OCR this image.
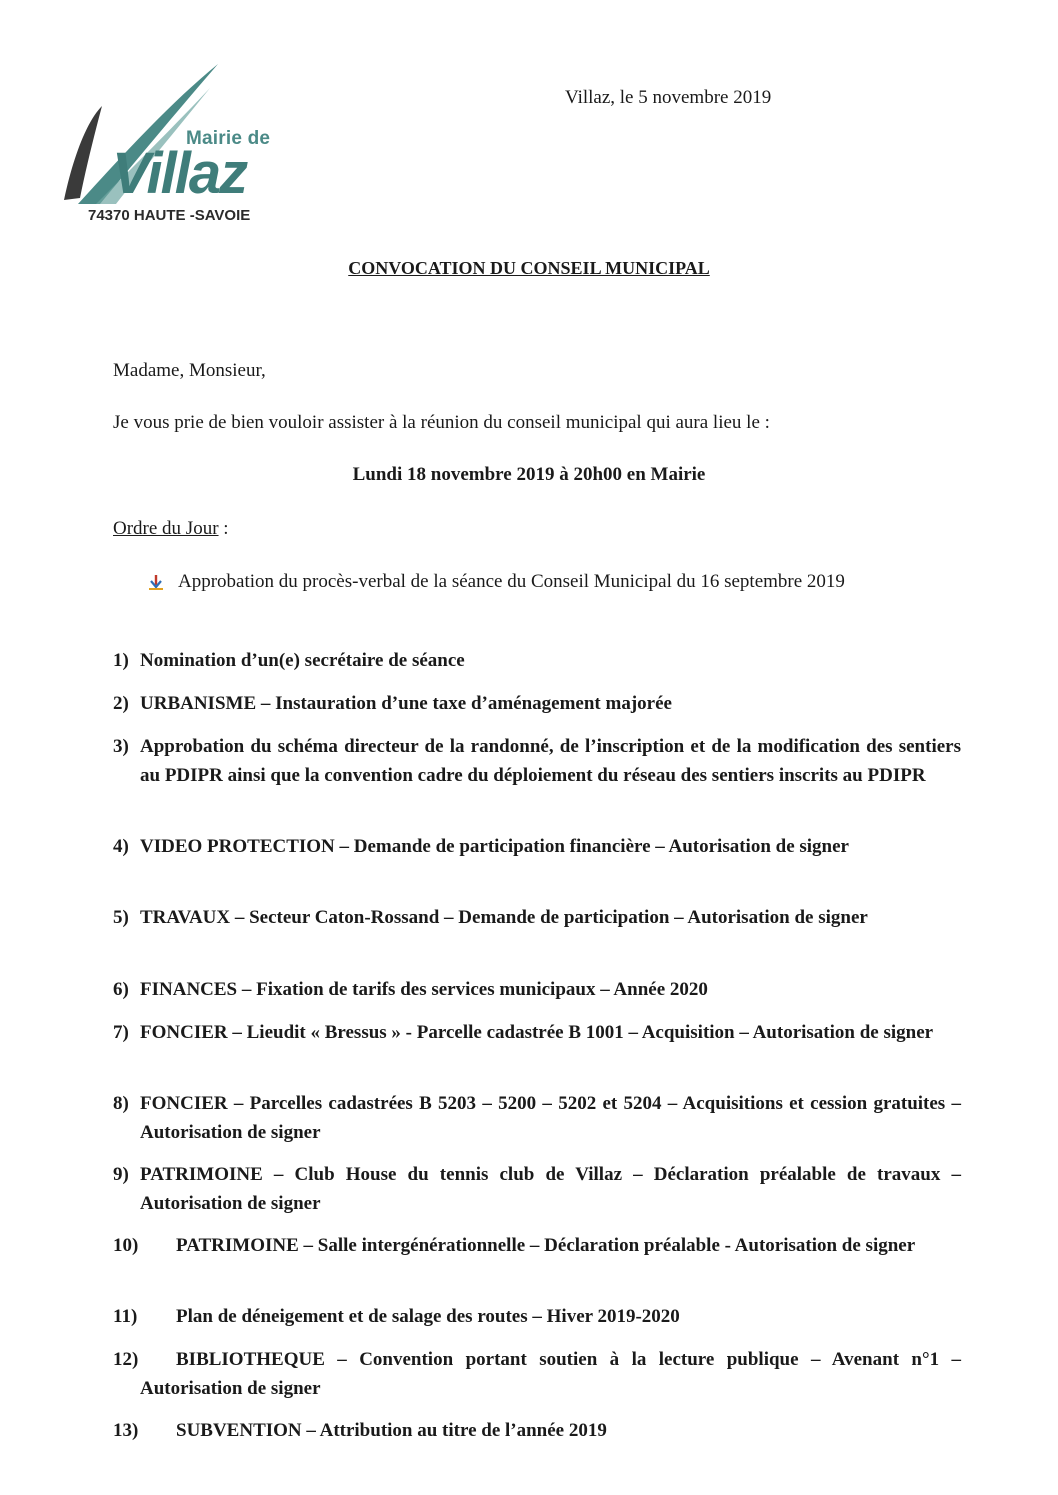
Mairie de
Villaz
74370 HAUTE -SAVOIE
Villaz, le 5 novembre 2019
CONVOCATION DU CONSEIL MUNICIPAL
Madame, Monsieur,
Je vous prie de bien vouloir assister à la réunion du conseil municipal qui aura lieu le :
Lundi 18 novembre 2019 à 20h00 en Mairie
Ordre du Jour :
Approbation du procès-verbal de la séance du Conseil Municipal du 16 septembre 2019
1) Nomination d’un(e) secrétaire de séance
2) URBANISME – Instauration d’une taxe d’aménagement majorée
3) Approbation du schéma directeur de la randonné, de l’inscription et de la modification des sentiers au PDIPR ainsi que la convention cadre du déploiement du réseau des sentiers inscrits au PDIPR
4) VIDEO PROTECTION – Demande de participation financière – Autorisation de signer
5) TRAVAUX – Secteur Caton-Rossand – Demande de participation – Autorisation de signer
6) FINANCES – Fixation de tarifs des services municipaux – Année 2020
7) FONCIER – Lieudit « Bressus » - Parcelle cadastrée B 1001 – Acquisition – Autorisation de signer
8) FONCIER – Parcelles cadastrées B 5203 – 5200 – 5202 et 5204 – Acquisitions et cession gratuites – Autorisation de signer
9) PATRIMOINE – Club House du tennis club de Villaz – Déclaration préalable de travaux – Autorisation de signer
10)	PATRIMOINE – Salle intergénérationnelle – Déclaration préalable - Autorisation de signer
11)	Plan de déneigement et de salage des routes – Hiver 2019-2020
12)	BIBLIOTHEQUE – Convention portant soutien à la lecture publique – Avenant n°1 – Autorisation de signer
13)	SUBVENTION – Attribution au titre de l’année 2019
